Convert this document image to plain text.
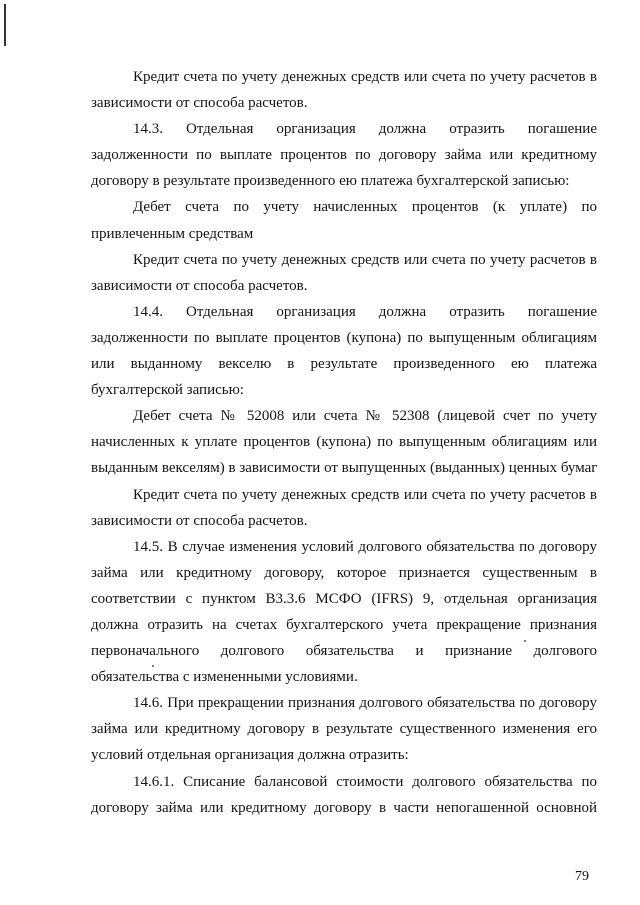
Кредит счета по учету денежных средств или счета по учету расчетов в
зависимости от способа расчетов.
14.3. Отдельная организация должна отразить погашение
задолженности по выплате процентов по договору займа или кредитному
договору в результате произведенного ею платежа бухгалтерской записью:
Дебет счета по учету начисленных процентов (к уплате) по
привлеченным средствам
Кредит счета по учету денежных средств или счета по учету расчетов в
зависимости от способа расчетов.
14.4. Отдельная организация должна отразить погашение
задолженности по выплате процентов (купона) по выпущенным облигациям
или выданному векселю в результате произведенного ею платежа
бухгалтерской записью:
Дебет счета № 52008 или счета № 52308 (лицевой счет по учету
начисленных к уплате процентов (купона) по выпущенным облигациям или
выданным векселям) в зависимости от выпущенных (выданных) ценных бумаг
Кредит счета по учету денежных средств или счета по учету расчетов в
зависимости от способа расчетов.
14.5. В случае изменения условий долгового обязательства по договору
займа или кредитному договору, которое признается существенным в
соответствии с пунктом B3.3.6 МСФО (IFRS) 9, отдельная организация
должна отразить на счетах бухгалтерского учета прекращение признания
первоначального долгового обязательства и признание долгового
обязательства с измененными условиями.
14.6. При прекращении признания долгового обязательства по договору
займа или кредитному договору в результате существенного изменения его
условий отдельная организация должна отразить:
14.6.1. Списание балансовой стоимости долгового обязательства по
договору займа или кредитному договору в части непогашенной основной
79
